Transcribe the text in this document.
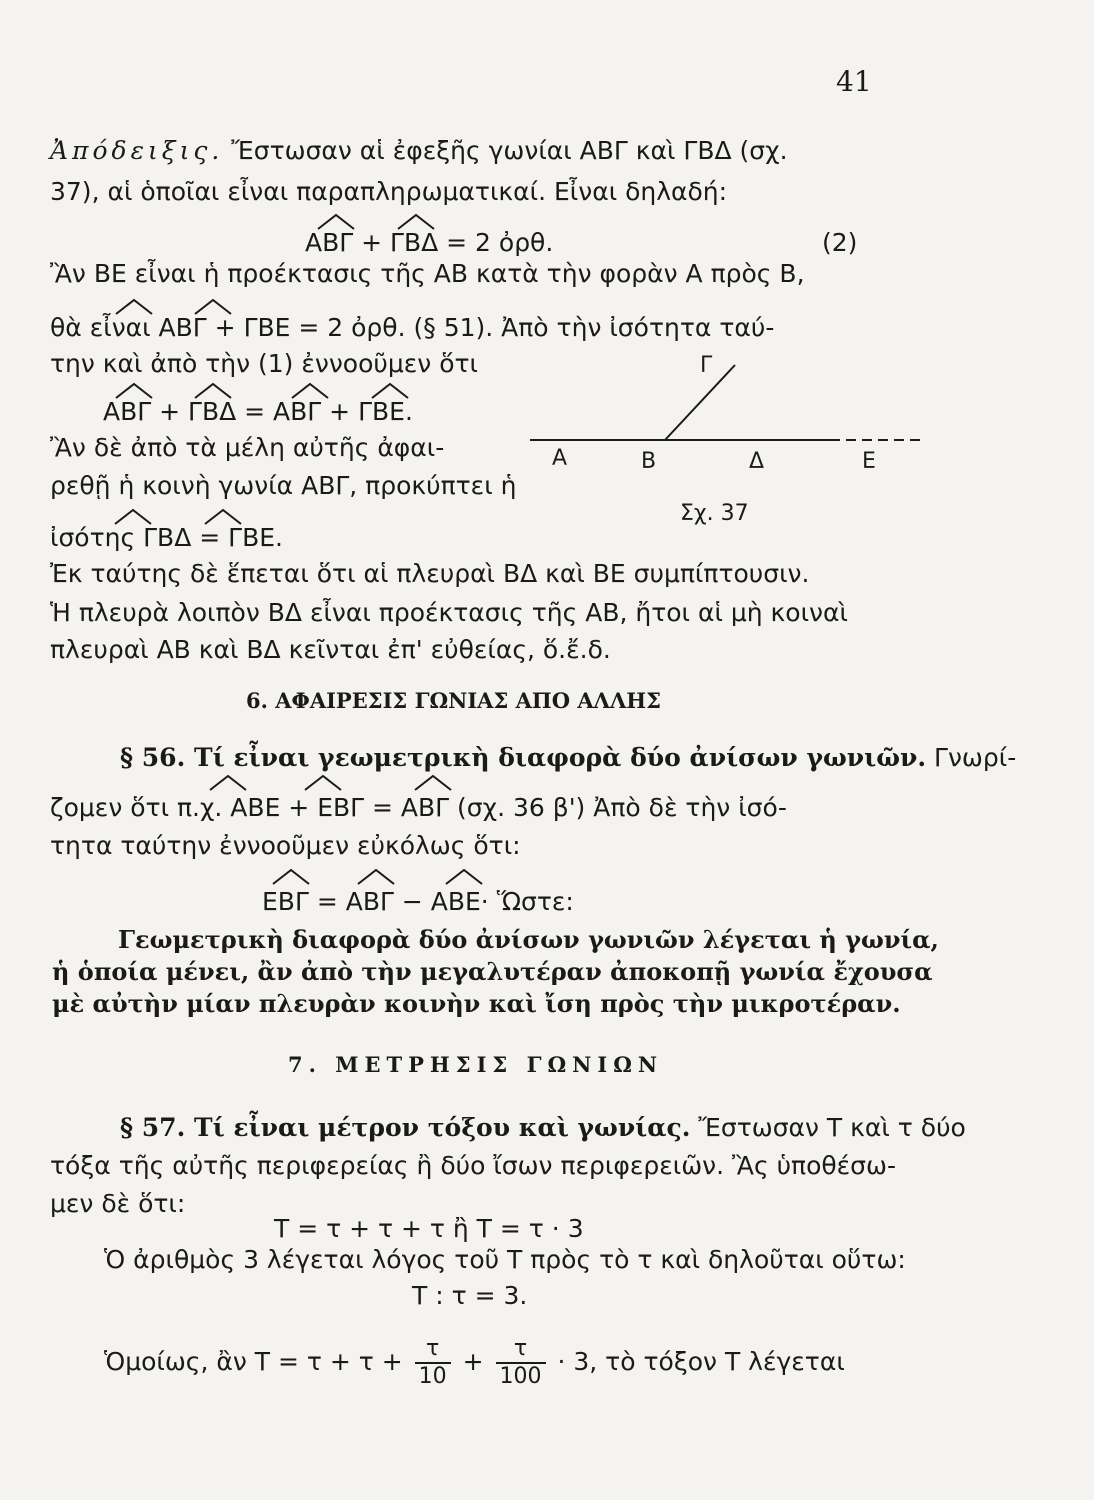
41
Ἀπόδειξις. Ἔστωσαν αἱ ἐφεξῆς γωνίαι ΑΒΓ καὶ ΓΒΔ (σχ.
37), αἱ ὁποῖαι εἶναι παραπληρωματικαί. Εἶναι δηλαδή:
ΑΒΓ + ΓΒΔ = 2 ὀρθ.	(2)
Ἂν ΒΕ εἶναι ἡ προέκτασις τῆς ΑΒ κατὰ τὴν φορὰν Α πρὸς Β,
θὰ εἶναι ΑΒΓ + ΓΒΕ = 2 ὀρθ. (§ 51). Ἀπὸ τὴν ἰσότητα ταύ-
την καὶ ἀπὸ τὴν (1) ἐννοοῦμεν ὅτι
ΑΒΓ + ΓΒΔ = ΑΒΓ + ΓΒΕ.
Ἂν δὲ ἀπὸ τὰ μέλη αὐτῆς ἀφαι-
ρεθῇ ἡ κοινὴ γωνία ΑΒΓ, προκύπτει ἡ
ἰσότης ΓΒΔ = ΓΒΕ.
Ἐκ ταύτης δὲ ἕπεται ὅτι αἱ πλευραὶ ΒΔ καὶ ΒΕ συμπίπτουσιν.
Ἡ πλευρὰ λοιπὸν ΒΔ εἶναι προέκτασις τῆς ΑΒ, ἤτοι αἱ μὴ κοιναὶ
πλευραὶ ΑΒ καὶ ΒΔ κεῖνται ἐπ' εὐθείας, ὅ.ἔ.δ.
Γ
Α	Β	Δ	Ε
Σχ. 37
6. ΑΦΑΙΡΕΣΙΣ ΓΩΝΙΑΣ ΑΠΟ ΑΛΛΗΣ
§ 56. Τί εἶναι γεωμετρικὴ διαφορὰ δύο ἀνίσων γωνιῶν. Γνωρί-
ζομεν ὅτι π.χ. ΑΒΕ + ΕΒΓ = ΑΒΓ (σχ. 36 β') Ἀπὸ δὲ τὴν ἰσό-
τητα ταύτην ἐννοοῦμεν εὐκόλως ὅτι:
ΕΒΓ = ΑΒΓ − ΑΒΕ· Ὥστε:
Γεωμετρικὴ διαφορὰ δύο ἀνίσων γωνιῶν λέγεται ἡ γωνία,
ἡ ὁποία μένει, ἂν ἀπὸ τὴν μεγαλυτέραν ἀποκοπῇ γωνία ἔχουσα
μὲ αὐτὴν μίαν πλευρὰν κοινὴν καὶ ἴση πρὸς τὴν μικροτέραν.
7. ΜΕΤΡΗΣΙΣ ΓΩΝΙΩΝ
§ 57. Τί εἶναι μέτρον τόξου καὶ γωνίας. Ἔστωσαν Τ καὶ τ δύο
τόξα τῆς αὐτῆς περιφερείας ἢ δύο ἴσων περιφερειῶν. Ἂς ὑποθέσω-
μεν δὲ ὅτι:
Τ = τ + τ + τ ἢ Τ = τ · 3
Ὁ ἀριθμὸς 3 λέγεται λόγος τοῦ Τ πρὸς τὸ τ καὶ δηλοῦται οὕτω:
Τ : τ = 3.
Ὁμοίως, ἂν $T = \tau + \tau + \frac{\tau}{10} + \frac{\tau}{100} \cdot 3$, τὸ τόξον Τ λέγεται
